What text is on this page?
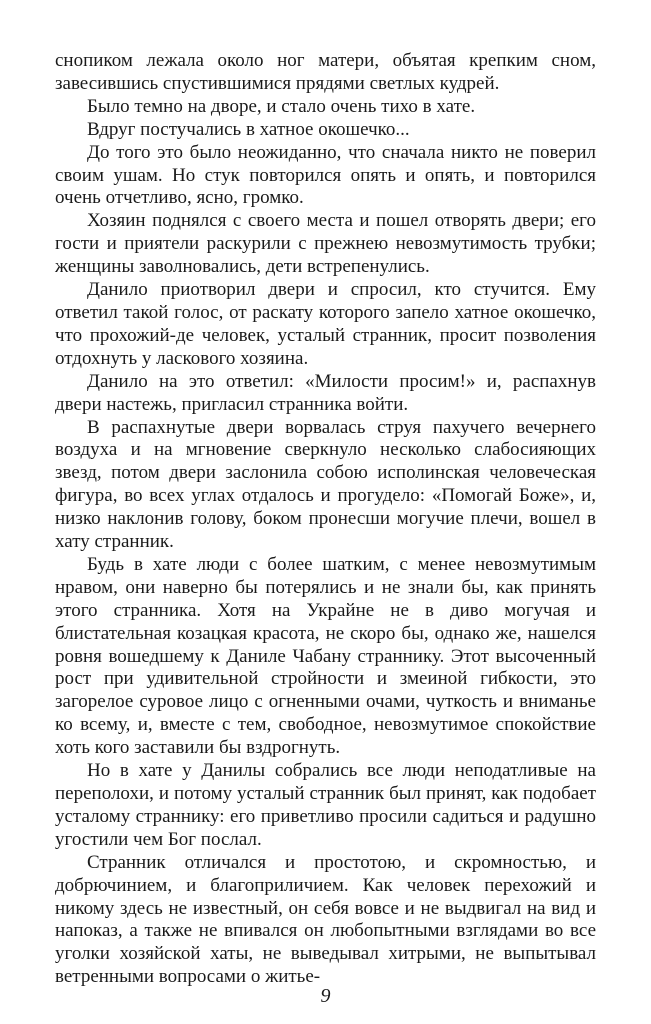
снопиком лежала около ног матери, объятая крепким сном, завесившись спустившимися прядями светлых кудрей.

Было темно на дворе, и стало очень тихо в хате.

Вдруг постучались в хатное окошечко...

До того это было неожиданно, что сначала никто не поверил своим ушам. Но стук повторился опять и опять, и повторился очень отчетливо, ясно, громко.

Хозяин поднялся с своего места и пошел отворять двери; его гости и приятели раскурили с прежнею невозмутимость трубки; женщины заволновались, дети встрепенулись.

Данило приотворил двери и спросил, кто стучится. Ему ответил такой голос, от раскату которого запело хатное окошечко, что прохожий-де человек, усталый странник, просит позволения отдохнуть у ласкового хозяина.

Данило на это ответил: «Милости просим!» и, распахнув двери настежь, пригласил странника войти.

В распахнутые двери ворвалась струя пахучего вечернего воздуха и на мгновение сверкнуло несколько слабосияющих звезд, потом двери заслонила собою исполинская человеческая фигура, во всех углах отдалось и прогудело: «Помогай Боже», и, низко наклонив голову, боком пронесши могучие плечи, вошел в хату странник.

Будь в хате люди с более шатким, с менее невозмутимым нравом, они наверно бы потерялись и не знали бы, как принять этого странника. Хотя на Украйне не в диво могучая и блистательная козацкая красота, не скоро бы, однако же, нашелся ровня вошедшему к Даниле Чабану страннику. Этот высоченный рост при удивительной стройности и змеиной гибкости, это загорелое суровое лицо с огненными очами, чуткость и вниманье ко всему, и, вместе с тем, свободное, невозмутимое спокойствие хоть кого заставили бы вздрогнуть.

Но в хате у Данилы собрались все люди неподатливые на переполохи, и потому усталый странник был принят, как подобает усталому страннику: его приветливо просили садиться и радушно угостили чем Бог послал.

Странник отличался и простотою, и скромностью, и добрючинием, и благоприличием. Как человек перехожий и никому здесь не известный, он себя вовсе и не выдвигал на вид и напоказ, а также не впивался он любопытными взглядами во все уголки хозяйской хаты, не выведывал хитрыми, не выпытывал ветренными вопросами о житье-

9
